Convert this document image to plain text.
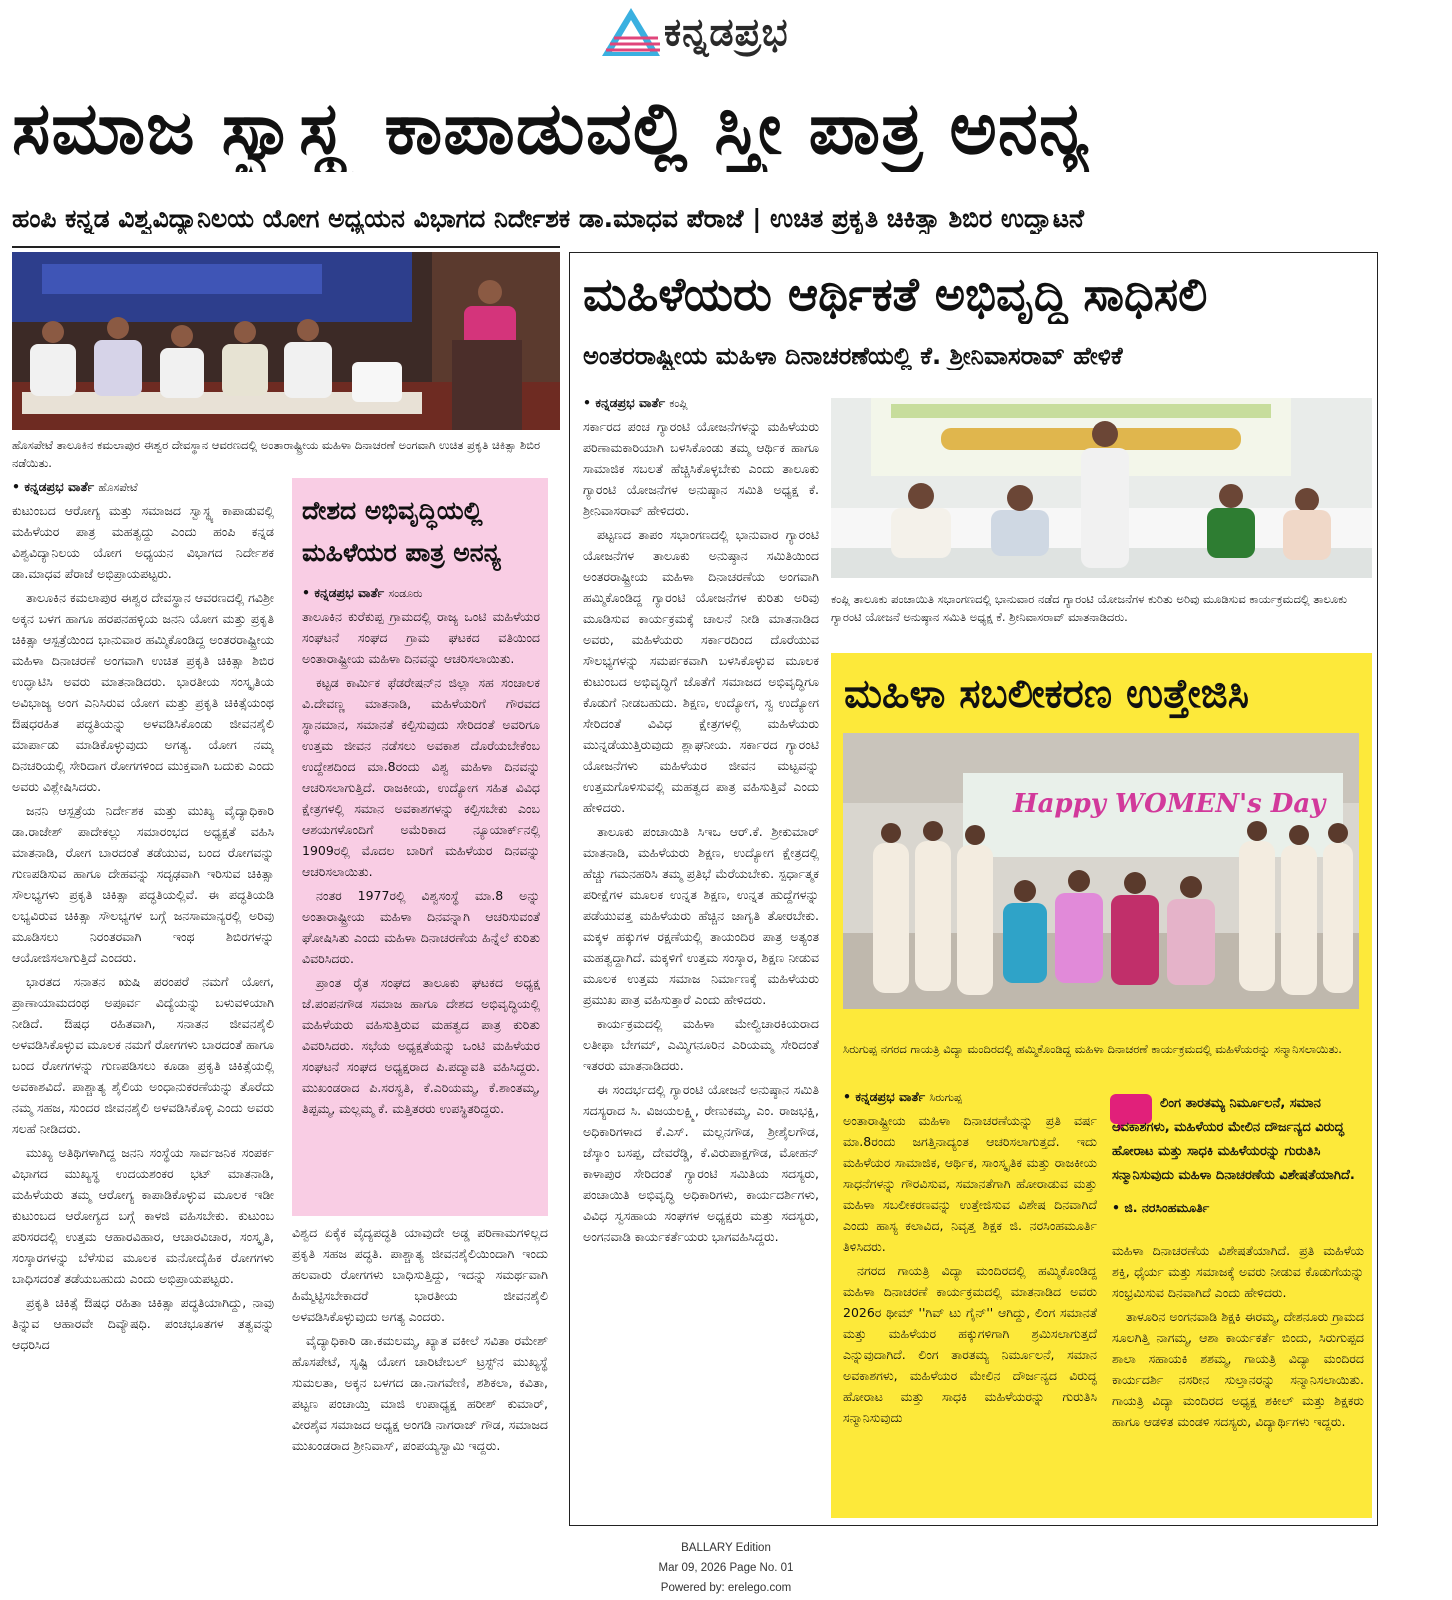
ಕನ್ನಡಪ್ರಭ
ಸಮಾಜ ಸ್ವಾಸ್ಥ್ಯ ಕಾಪಾಡುವಲ್ಲಿ ಸ್ತ್ರೀ ಪಾತ್ರ ಅನನ್ಯ
ಹಂಪಿ ಕನ್ನಡ ವಿಶ್ವವಿದ್ಯಾನಿಲಯ ಯೋಗ ಅಧ್ಯಯನ ವಿಭಾಗದ ನಿರ್ದೇಶಕ ಡಾ.ಮಾಧವ ಪೆರಾಜೆ | ಉಚಿತ ಪ್ರಕೃತಿ ಚಿಕಿತ್ಸಾ ಶಿಬಿರ ಉದ್ಘಾಟನೆ
ಹೊಸಪೇಟೆ ತಾಲೂಕಿನ ಕಮಲಾಪುರ ಈಶ್ವರ ದೇವಸ್ಥಾನ ಆವರಣದಲ್ಲಿ ಅಂತಾರಾಷ್ಟ್ರೀಯ ಮಹಿಳಾ ದಿನಾಚರಣೆ ಅಂಗವಾಗಿ ಉಚಿತ ಪ್ರಕೃತಿ ಚಿಕಿತ್ಸಾ ಶಿಬಿರ ನಡೆಯಿತು.
• ಕನ್ನಡಪ್ರಭ ವಾರ್ತೆ ಹೊಸಪೇಟೆ

ಕುಟುಂಬದ ಆರೋಗ್ಯ ಮತ್ತು ಸಮಾಜದ ಸ್ವಾಸ್ಥ್ಯ ಕಾಪಾಡುವಲ್ಲಿ ಮಹಿಳೆಯರ ಪಾತ್ರ ಮಹತ್ವದ್ದು ಎಂದು ಹಂಪಿ ಕನ್ನಡ ವಿಶ್ವವಿದ್ಯಾನಿಲಯ ಯೋಗ ಅಧ್ಯಯನ ವಿಭಾಗದ ನಿರ್ದೇಶಕ ಡಾ.ಮಾಧವ ಪೆರಾಜೆ ಅಭಿಪ್ರಾಯಪಟ್ಟರು.

ತಾಲೂಕಿನ ಕಮಲಾಪುರ ಈಶ್ವರ ದೇವಸ್ಥಾನ ಆವರಣದಲ್ಲಿ ಗವಿಶ್ರೀ ಅಕ್ಕನ ಬಳಗ ಹಾಗೂ ಹರಪನಹಳ್ಳಿಯ ಜನನಿ ಯೋಗ ಮತ್ತು ಪ್ರಕೃತಿ ಚಿಕಿತ್ಸಾ ಆಸ್ಪತ್ರೆಯಿಂದ ಭಾನುವಾರ ಹಮ್ಮಿಕೊಂಡಿದ್ದ ಅಂತರರಾಷ್ಟ್ರೀಯ ಮಹಿಳಾ ದಿನಾಚರಣೆ ಅಂಗವಾಗಿ ಉಚಿತ ಪ್ರಕೃತಿ ಚಿಕಿತ್ಸಾ ಶಿಬಿರ ಉದ್ಘಾಟಿಸಿ ಅವರು ಮಾತನಾಡಿದರು. ಭಾರತೀಯ ಸಂಸ್ಕೃತಿಯ ಅವಿಭಾಜ್ಯ ಅಂಗ ಎನಿಸಿರುವ ಯೋಗ ಮತ್ತು ಪ್ರಕೃತಿ ಚಿಕಿತ್ಸೆಯಂಥ ಔಷಧರಹಿತ ಪದ್ಧತಿಯನ್ನು ಅಳವಡಿಸಿಕೊಂಡು ಜೀವನಶೈಲಿ ಮಾರ್ಪಾಡು ಮಾಡಿಕೊಳ್ಳುವುದು ಅಗತ್ಯ. ಯೋಗ ನಮ್ಮ ದಿನಚರಿಯಲ್ಲಿ ಸೇರಿದಾಗ ರೋಗಗಳಿಂದ ಮುಕ್ತವಾಗಿ ಬದುಕು ಎಂದು ಅವರು ವಿಶ್ಲೇಷಿಸಿದರು.

ಜನನಿ ಆಸ್ಪತ್ರೆಯ ನಿರ್ದೇಶಕ ಮತ್ತು ಮುಖ್ಯ ವೈದ್ಯಾಧಿಕಾರಿ ಡಾ.ರಾಜೇಶ್ ಪಾದೇಕಲ್ಲು ಸಮಾರಂಭದ ಅಧ್ಯಕ್ಷತೆ ವಹಿಸಿ ಮಾತನಾಡಿ, ರೋಗ ಬಾರದಂತೆ ತಡೆಯುವ, ಬಂದ ರೋಗವನ್ನು ಗುಣಪಡಿಸುವ ಹಾಗೂ ದೇಹವನ್ನು ಸದೃಢವಾಗಿ ಇರಿಸುವ ಚಿಕಿತ್ಸಾ ಸೌಲಭ್ಯಗಳು ಪ್ರಕೃತಿ ಚಿಕಿತ್ಸಾ ಪದ್ಧತಿಯಲ್ಲಿವೆ. ಈ ಪದ್ಧತಿಯಡಿ ಲಭ್ಯವಿರುವ ಚಿಕಿತ್ಸಾ ಸೌಲಭ್ಯಗಳ ಬಗ್ಗೆ ಜನಸಾಮಾನ್ಯರಲ್ಲಿ ಅರಿವು ಮೂಡಿಸಲು ನಿರಂತರವಾಗಿ ಇಂಥ ಶಿಬಿರಗಳನ್ನು ಆಯೋಜಿಸಲಾಗುತ್ತಿದೆ ಎಂದರು.

ಭಾರತದ ಸನಾತನ ಋಷಿ ಪರಂಪರೆ ನಮಗೆ ಯೋಗ, ಪ್ರಾಣಾಯಾಮದಂಥ ಅಪೂರ್ವ ವಿದ್ಯೆಯನ್ನು ಬಳುವಳಿಯಾಗಿ ನೀಡಿದೆ. ಔಷಧ ರಹಿತವಾಗಿ, ಸನಾತನ ಜೀವನಶೈಲಿ ಅಳವಡಿಸಿಕೊಳ್ಳುವ ಮೂಲಕ ನಮಗೆ ರೋಗಗಳು ಬಾರದಂತೆ ಹಾಗೂ ಬಂದ ರೋಗಗಳನ್ನು ಗುಣಪಡಿಸಲು ಕೂಡಾ ಪ್ರಕೃತಿ ಚಿಕಿತ್ಸೆಯಲ್ಲಿ ಅವಕಾಶವಿದೆ. ಪಾಶ್ಚಾತ್ಯ ಶೈಲಿಯ ಅಂಧಾನುಕರಣೆಯನ್ನು ತೊರೆದು ನಮ್ಮ ಸಹಜ, ಸುಂದರ ಜೀವನಶೈಲಿ ಅಳವಡಿಸಿಕೊಳ್ಳಿ ಎಂದು ಅವರು ಸಲಹೆ ನೀಡಿದರು.

ಮುಖ್ಯ ಅತಿಥಿಗಳಾಗಿದ್ದ ಜನನಿ ಸಂಸ್ಥೆಯ ಸಾರ್ವಜನಿಕ ಸಂಪರ್ಕ ವಿಭಾಗದ ಮುಖ್ಯಸ್ಥ ಉದಯಶಂಕರ ಭಟ್ ಮಾತನಾಡಿ, ಮಹಿಳೆಯರು ತಮ್ಮ ಆರೋಗ್ಯ ಕಾಪಾಡಿಕೊಳ್ಳುವ ಮೂಲಕ ಇಡೀ ಕುಟುಂಬದ ಆರೋಗ್ಯದ ಬಗ್ಗೆ ಕಾಳಜಿ ವಹಿಸಬೇಕು. ಕುಟುಂಬ ಪರಿಸರದಲ್ಲಿ ಉತ್ತಮ ಆಹಾರವಿಹಾರ, ಆಚಾರವಿಚಾರ, ಸಂಸ್ಕೃತಿ, ಸಂಸ್ಕಾರಗಳನ್ನು ಬೆಳೆಸುವ ಮೂಲಕ ಮನೋದೈಹಿಕ ರೋಗಗಳು ಬಾಧಿಸದಂತೆ ತಡೆಯಬಹುದು ಎಂದು ಅಭಿಪ್ರಾಯಪಟ್ಟರು.

ಪ್ರಕೃತಿ ಚಿಕಿತ್ಸೆ ಔಷಧ ರಹಿತಾ ಚಿಕಿತ್ಸಾ ಪದ್ಧತಿಯಾಗಿದ್ದು, ನಾವು ತಿನ್ನುವ ಆಹಾರವೇ ದಿವ್ಯೌಷಧಿ. ಪಂಚಭೂತಗಳ ತತ್ವವನ್ನು ಆಧರಿಸಿದ

ವಿಶ್ವದ ಏಕೈಕ ವೈದ್ಯಪದ್ಧತಿ ಯಾವುದೇ ಅಡ್ಡ ಪರಿಣಾಮಗಳಿಲ್ಲದ ಪ್ರಕೃತಿ ಸಹಜ ಪದ್ಧತಿ. ಪಾಶ್ಚಾತ್ಯ ಜೀವನಶೈಲಿಯಿಂದಾಗಿ ಇಂದು ಹಲವಾರು ರೋಗಗಳು ಬಾಧಿಸುತ್ತಿದ್ದು, ಇದನ್ನು ಸಮರ್ಥವಾಗಿ ಹಿಮ್ಮೆಟ್ಟಿಸಬೇಕಾದರೆ ಭಾರತೀಯ ಜೀವನಶೈಲಿ ಅಳವಡಿಸಿಕೊಳ್ಳುವುದು ಅಗತ್ಯ ಎಂದರು.

ವೈದ್ಯಾಧಿಕಾರಿ ಡಾ.ಕಮಲಮ್ಮ, ಖ್ಯಾತ ವಕೀಲೆ ಸವಿತಾ ರಮೇಶ್ ಹೊಸಪೇಟೆ, ಸೃಷ್ಟಿ ಯೋಗ ಚಾರಿಟೇಬಲ್ ಟ್ರಸ್ಟ್‌ನ ಮುಖ್ಯಸ್ಥೆ ಸುಮಲತಾ, ಅಕ್ಕನ ಬಳಗದ ಡಾ.ನಾಗವೇಣಿ, ಶಶಿಕಲಾ, ಕವಿತಾ, ಪಟ್ಟಣ ಪಂಚಾಯ್ತಿ ಮಾಜಿ ಉಪಾಧ್ಯಕ್ಷ ಹರೀಶ್ ಕುಮಾರ್, ವೀರಶೈವ ಸಮಾಜದ ಅಧ್ಯಕ್ಷ ಅಂಗಡಿ ನಾಗರಾಜ್ ಗೌಡ, ಸಮಾಜದ ಮುಖಂಡರಾದ ಶ್ರೀನಿವಾಸ್, ಪಂಪಯ್ಯಸ್ವಾಮಿ ಇದ್ದರು.

ದೇಶದ ಅಭಿವೃದ್ಧಿಯಲ್ಲಿ ಮಹಿಳೆಯರ ಪಾತ್ರ ಅನನ್ಯ
• ಕನ್ನಡಪ್ರಭ ವಾರ್ತೆ ಸಂಡೂರು

ತಾಲೂಕಿನ ಕುರೆಕುಪ್ಪ ಗ್ರಾಮದಲ್ಲಿ ರಾಜ್ಯ ಒಂಟಿ ಮಹಿಳೆಯರ ಸಂಘಟನೆ ಸಂಘದ ಗ್ರಾಮ ಘಟಕದ ವತಿಯಿಂದ ಅಂತಾರಾಷ್ಟ್ರೀಯ ಮಹಿಳಾ ದಿನವನ್ನು ಆಚರಿಸಲಾಯಿತು.

ಕಟ್ಟಡ ಕಾರ್ಮಿಕ ಫೆಡರೇಷನ್‌ನ ಜಿಲ್ಲಾ ಸಹ ಸಂಚಾಲಕ ವಿ.ದೇವಣ್ಣ ಮಾತನಾಡಿ, ಮಹಿಳೆಯರಿಗೆ ಗೌರವದ ಸ್ಥಾನಮಾನ, ಸಮಾನತೆ ಕಲ್ಪಿಸುವುದು ಸೇರಿದಂತೆ ಅವರಿಗೂ ಉತ್ತಮ ಜೀವನ ನಡೆಸಲು ಅವಕಾಶ ದೊರೆಯಬೇಕೆಂಬ ಉದ್ದೇಶದಿಂದ ಮಾ.8ರಂದು ವಿಶ್ವ ಮಹಿಳಾ ದಿನವನ್ನು ಆಚರಿಸಲಾಗುತ್ತಿದೆ. ರಾಜಕೀಯ, ಉದ್ಯೋಗ ಸಹಿತ ವಿವಿಧ ಕ್ಷೇತ್ರಗಳಲ್ಲಿ ಸಮಾನ ಅವಕಾಶಗಳನ್ನು ಕಲ್ಪಿಸಬೇಕು ಎಂಬ ಆಶಯಗಳೊಂದಿಗೆ ಅಮೆರಿಕಾದ ನ್ಯೂಯಾರ್ಕ್‌ನಲ್ಲಿ 1909ರಲ್ಲಿ ಮೊದಲ ಬಾರಿಗೆ ಮಹಿಳೆಯರ ದಿನವನ್ನು ಆಚರಿಸಲಾಯಿತು.

ನಂತರ 1977ರಲ್ಲಿ ವಿಶ್ವಸಂಸ್ಥೆ ಮಾ.8 ಅನ್ನು ಅಂತಾರಾಷ್ಟ್ರೀಯ ಮಹಿಳಾ ದಿನವನ್ನಾಗಿ ಆಚರಿಸುವಂತೆ ಘೋಷಿಸಿತು ಎಂದು ಮಹಿಳಾ ದಿನಾಚರಣೆಯ ಹಿನ್ನೆಲೆ ಕುರಿತು ವಿವರಿಸಿದರು.

ಪ್ರಾಂತ ರೈತ ಸಂಘದ ತಾಲೂಕು ಘಟಕದ ಅಧ್ಯಕ್ಷ ಜೆ.ಪಂಪನಗೌಡ ಸಮಾಜ ಹಾಗೂ ದೇಶದ ಅಭಿವೃದ್ಧಿಯಲ್ಲಿ ಮಹಿಳೆಯರು ವಹಿಸುತ್ತಿರುವ ಮಹತ್ವದ ಪಾತ್ರ ಕುರಿತು ವಿವರಿಸಿದರು. ಸಭೆಯ ಅಧ್ಯಕ್ಷತೆಯನ್ನು ಒಂಟಿ ಮಹಿಳೆಯರ ಸಂಘಟನೆ ಸಂಘದ ಅಧ್ಯಕ್ಷರಾದ ಪಿ.ಪದ್ಮಾವತಿ ವಹಿಸಿದ್ದರು. ಮುಖಂಡರಾದ ಪಿ.ಸರಸ್ವತಿ, ಕೆ.ಎರಿಯಮ್ಮ, ಕೆ.ಶಾಂತಮ್ಮ, ತಿಪ್ಪಮ್ಮ, ಮಲ್ಲಮ್ಮ ಕೆ. ಮತ್ತಿತರರು ಉಪಸ್ಥಿತರಿದ್ದರು.

ಮಹಿಳೆಯರು ಆರ್ಥಿಕತೆ ಅಭಿವೃದ್ಧಿ ಸಾಧಿಸಲಿ
ಅಂತರರಾಷ್ಟ್ರೀಯ ಮಹಿಳಾ ದಿನಾಚರಣೆಯಲ್ಲಿ ಕೆ. ಶ್ರೀನಿವಾಸರಾವ್ ಹೇಳಿಕೆ
• ಕನ್ನಡಪ್ರಭ ವಾರ್ತೆ ಕಂಪ್ಲಿ

ಸರ್ಕಾರದ ಪಂಚ ಗ್ಯಾರಂಟಿ ಯೋಜನೆಗಳನ್ನು ಮಹಿಳೆಯರು ಪರಿಣಾಮಕಾರಿಯಾಗಿ ಬಳಸಿಕೊಂಡು ತಮ್ಮ ಆರ್ಥಿಕ ಹಾಗೂ ಸಾಮಾಜಿಕ ಸಬಲತೆ ಹೆಚ್ಚಿಸಿಕೊಳ್ಳಬೇಕು ಎಂದು ತಾಲೂಕು ಗ್ಯಾರಂಟಿ ಯೋಜನೆಗಳ ಅನುಷ್ಠಾನ ಸಮಿತಿ ಅಧ್ಯಕ್ಷ ಕೆ. ಶ್ರೀನಿವಾಸರಾವ್ ಹೇಳಿದರು.

ಪಟ್ಟಣದ ತಾಪಂ ಸಭಾಂಗಣದಲ್ಲಿ ಭಾನುವಾರ ಗ್ಯಾರಂಟಿ ಯೋಜನೆಗಳ ತಾಲೂಕು ಅನುಷ್ಠಾನ ಸಮಿತಿಯಿಂದ ಅಂತರರಾಷ್ಟ್ರೀಯ ಮಹಿಳಾ ದಿನಾಚರಣೆಯ ಅಂಗವಾಗಿ ಹಮ್ಮಿಕೊಂಡಿದ್ದ ಗ್ಯಾರಂಟಿ ಯೋಜನೆಗಳ ಕುರಿತು ಅರಿವು ಮೂಡಿಸುವ ಕಾರ್ಯಕ್ರಮಕ್ಕೆ ಚಾಲನೆ ನೀಡಿ ಮಾತನಾಡಿದ ಅವರು, ಮಹಿಳೆಯರು ಸರ್ಕಾರದಿಂದ ದೊರೆಯುವ ಸೌಲಭ್ಯಗಳನ್ನು ಸಮರ್ಪಕವಾಗಿ ಬಳಸಿಕೊಳ್ಳುವ ಮೂಲಕ ಕುಟುಂಬದ ಅಭಿವೃದ್ಧಿಗೆ ಜೊತೆಗೆ ಸಮಾಜದ ಅಭಿವೃದ್ಧಿಗೂ ಕೊಡುಗೆ ನೀಡಬಹುದು. ಶಿಕ್ಷಣ, ಉದ್ಯೋಗ, ಸ್ವ ಉದ್ಯೋಗ ಸೇರಿದಂತೆ ವಿವಿಧ ಕ್ಷೇತ್ರಗಳಲ್ಲಿ ಮಹಿಳೆಯರು ಮುನ್ನಡೆಯುತ್ತಿರುವುದು ಶ್ಲಾಘನೀಯ. ಸರ್ಕಾರದ ಗ್ಯಾರಂಟಿ ಯೋಜನೆಗಳು ಮಹಿಳೆಯರ ಜೀವನ ಮಟ್ಟವನ್ನು ಉತ್ತಮಗೊಳಿಸುವಲ್ಲಿ ಮಹತ್ವದ ಪಾತ್ರ ವಹಿಸುತ್ತಿವೆ ಎಂದು ಹೇಳಿದರು.

ತಾಲೂಕು ಪಂಚಾಯಿತಿ ಸಿಇಒ ಆರ್.ಕೆ. ಶ್ರೀಕುಮಾರ್ ಮಾತನಾಡಿ, ಮಹಿಳೆಯರು ಶಿಕ್ಷಣ, ಉದ್ಯೋಗ ಕ್ಷೇತ್ರದಲ್ಲಿ ಹೆಚ್ಚು ಗಮನಹರಿಸಿ ತಮ್ಮ ಪ್ರತಿಭೆ ಮೆರೆಯಬೇಕು. ಸ್ಪರ್ಧಾತ್ಮಕ ಪರೀಕ್ಷೆಗಳ ಮೂಲಕ ಉನ್ನತ ಶಿಕ್ಷಣ, ಉನ್ನತ ಹುದ್ದೆಗಳನ್ನು ಪಡೆಯುವತ್ತ ಮಹಿಳೆಯರು ಹೆಚ್ಚಿನ ಜಾಗೃತಿ ತೋರಬೇಕು. ಮಕ್ಕಳ ಹಕ್ಕುಗಳ ರಕ್ಷಣೆಯಲ್ಲಿ ತಾಯಂದಿರ ಪಾತ್ರ ಅತ್ಯಂತ ಮಹತ್ವದ್ದಾಗಿದೆ. ಮಕ್ಕಳಿಗೆ ಉತ್ತಮ ಸಂಸ್ಕಾರ, ಶಿಕ್ಷಣ ನೀಡುವ ಮೂಲಕ ಉತ್ತಮ ಸಮಾಜ ನಿರ್ಮಾಣಕ್ಕೆ ಮಹಿಳೆಯರು ಪ್ರಮುಖ ಪಾತ್ರ ವಹಿಸುತ್ತಾರೆ ಎಂದು ಹೇಳಿದರು.

ಕಾರ್ಯಕ್ರಮದಲ್ಲಿ ಮಹಿಳಾ ಮೇಲ್ವಿಚಾರಕಿಯರಾದ ಲತೀಫಾ ಬೇಗಮ್, ಎಮ್ಮಿಗನೂರಿನ ಎರಿಯಮ್ಮ ಸೇರಿದಂತೆ ಇತರರು ಮಾತನಾಡಿದರು.

ಈ ಸಂದರ್ಭದಲ್ಲಿ ಗ್ಯಾರಂಟಿ ಯೋಜನೆ ಅನುಷ್ಠಾನ ಸಮಿತಿ ಸದಸ್ಯರಾದ ಸಿ. ವಿಜಯಲಕ್ಷ್ಮಿ, ರೇಣುಕಮ್ಮ, ಎಂ. ರಾಜಭಕ್ಷಿ, ಅಧಿಕಾರಿಗಳಾದ ಕೆ.ಎಸ್. ಮಲ್ಲನಗೌಡ, ಶ್ರೀಶೈಲಗೌಡ, ಜೆಸ್ಕಾಂ ಬಸಪ್ಪ, ದೇವರೆಡ್ಡಿ, ಕೆ.ವಿರುಪಾಕ್ಷಗೌಡ, ಮೋಹನ್ ಕಾಳಾಪುರ ಸೇರಿದಂತೆ ಗ್ಯಾರಂಟಿ ಸಮಿತಿಯ ಸದಸ್ಯರು, ಪಂಚಾಯಿತಿ ಅಭಿವೃದ್ಧಿ ಅಧಿಕಾರಿಗಳು, ಕಾರ್ಯದರ್ಶಿಗಳು, ವಿವಿಧ ಸ್ವಸಹಾಯ ಸಂಘಗಳ ಅಧ್ಯಕ್ಷರು ಮತ್ತು ಸದಸ್ಯರು, ಅಂಗನವಾಡಿ ಕಾರ್ಯಕರ್ತೆಯರು ಭಾಗವಹಿಸಿದ್ದರು.

ಕಂಪ್ಲಿ ತಾಲೂಕು ಪಂಚಾಯಿತಿ ಸಭಾಂಗಣದಲ್ಲಿ ಭಾನುವಾರ ನಡೆದ ಗ್ಯಾರಂಟಿ ಯೋಜನೆಗಳ ಕುರಿತು ಅರಿವು ಮೂಡಿಸುವ ಕಾರ್ಯಕ್ರಮದಲ್ಲಿ ತಾಲೂಕು ಗ್ಯಾರಂಟಿ ಯೋಜನೆ ಅನುಷ್ಠಾನ ಸಮಿತಿ ಅಧ್ಯಕ್ಷ ಕೆ. ಶ್ರೀನಿವಾಸರಾವ್ ಮಾತನಾಡಿದರು.
ಮಹಿಳಾ ಸಬಲೀಕರಣ ಉತ್ತೇಜಿಸಿ
Happy WOMEN's Day
ಸಿರುಗುಪ್ಪ ನಗರದ ಗಾಯತ್ರಿ ವಿದ್ಯಾ ಮಂದಿರದಲ್ಲಿ ಹಮ್ಮಿಕೊಂಡಿದ್ದ ಮಹಿಳಾ ದಿನಾಚರಣೆ ಕಾರ್ಯಕ್ರಮದಲ್ಲಿ ಮಹಿಳೆಯರನ್ನು ಸನ್ಮಾನಿಸಲಾಯಿತು.
• ಕನ್ನಡಪ್ರಭ ವಾರ್ತೆ ಸಿರುಗುಪ್ಪ

ಅಂತಾರಾಷ್ಟ್ರೀಯ ಮಹಿಳಾ ದಿನಾಚರಣೆಯನ್ನು ಪ್ರತಿ ವರ್ಷ ಮಾ.8ರಂದು ಜಗತ್ತಿನಾದ್ಯಂತ ಆಚರಿಸಲಾಗುತ್ತದೆ. ಇದು ಮಹಿಳೆಯರ ಸಾಮಾಜಿಕ, ಆರ್ಥಿಕ, ಸಾಂಸ್ಕೃತಿಕ ಮತ್ತು ರಾಜಕೀಯ ಸಾಧನೆಗಳನ್ನು ಗೌರವಿಸುವ, ಸಮಾನತೆಗಾಗಿ ಹೋರಾಡುವ ಮತ್ತು ಮಹಿಳಾ ಸಬಲೀಕರಣವನ್ನು ಉತ್ತೇಜಿಸುವ ವಿಶೇಷ ದಿನವಾಗಿದೆ ಎಂದು ಹಾಸ್ಯ ಕಲಾವಿದ, ನಿವೃತ್ತ ಶಿಕ್ಷಕ ಜಿ. ನರಸಿಂಹಮೂರ್ತಿ ತಿಳಿಸಿದರು.

ನಗರದ ಗಾಯತ್ರಿ ವಿದ್ಯಾ ಮಂದಿರದಲ್ಲಿ ಹಮ್ಮಿಕೊಂಡಿದ್ದ ಮಹಿಳಾ ದಿನಾಚರಣೆ ಕಾರ್ಯಕ್ರಮದಲ್ಲಿ ಮಾತನಾಡಿದ ಅವರು 2026ರ ಥೀಮ್ ''ಗಿವ್ ಟು ಗೈನ್'' ಆಗಿದ್ದು, ಲಿಂಗ ಸಮಾನತೆ ಮತ್ತು ಮಹಿಳೆಯರ ಹಕ್ಕುಗಳಿಗಾಗಿ ಶ್ರಮಿಸಲಾಗುತ್ತದೆ ಎನ್ನುವುದಾಗಿದೆ. ಲಿಂಗ ತಾರತಮ್ಯ ನಿರ್ಮೂಲನೆ, ಸಮಾನ ಅವಕಾಶಗಳು, ಮಹಿಳೆಯರ ಮೇಲಿನ ದೌರ್ಜನ್ಯದ ವಿರುದ್ಧ ಹೋರಾಟ ಮತ್ತು ಸಾಧಕಿ ಮಹಿಳೆಯರನ್ನು ಗುರುತಿಸಿ ಸನ್ಮಾನಿಸುವುದು

ಲಿಂಗ ತಾರತಮ್ಯ ನಿರ್ಮೂಲನೆ, ಸಮಾನ ಅವಕಾಶಗಳು, ಮಹಿಳೆಯರ ಮೇಲಿನ ದೌರ್ಜನ್ಯದ ವಿರುದ್ಧ ಹೋರಾಟ ಮತ್ತು ಸಾಧಕಿ ಮಹಿಳೆಯರನ್ನು ಗುರುತಿಸಿ ಸನ್ಮಾನಿಸುವುದು ಮಹಿಳಾ ದಿನಾಚರಣೆಯ ವಿಶೇಷತೆಯಾಗಿದೆ.
• ಜಿ. ನರಸಿಂಹಮೂರ್ತಿ

ಮಹಿಳಾ ದಿನಾಚರಣೆಯ ವಿಶೇಷತೆಯಾಗಿದೆ. ಪ್ರತಿ ಮಹಿಳೆಯ ಶಕ್ತಿ, ಧೈರ್ಯ ಮತ್ತು ಸಮಾಜಕ್ಕೆ ಅವರು ನೀಡುವ ಕೊಡುಗೆಯನ್ನು ಸಂಭ್ರಮಿಸುವ ದಿನವಾಗಿದೆ ಎಂದು ಹೇಳಿದರು.

ತಾಳೂರಿನ ಅಂಗನವಾಡಿ ಶಿಕ್ಷಕಿ ಈರಮ್ಮ, ದೇಶನೂರು ಗ್ರಾಮದ ಸೂಲಗಿತ್ತಿ ನಾಗಮ್ಮ, ಆಶಾ ಕಾರ್ಯಕರ್ತೆ ಬಿಂದು, ಸಿರುಗುಪ್ಪದ ಶಾಲಾ ಸಹಾಯಕಿ ಶಶಮ್ಮ, ಗಾಯತ್ರಿ ವಿದ್ಯಾ ಮಂದಿರದ ಕಾರ್ಯದರ್ಶಿ ನಸರೀನ ಸುಲ್ತಾನರನ್ನು ಸನ್ಮಾನಿಸಲಾಯಿತು. ಗಾಯತ್ರಿ ವಿದ್ಯಾ ಮಂದಿರದ ಅಧ್ಯಕ್ಷ ಶಕೀಲ್ ಮತ್ತು ಶಿಕ್ಷಕರು ಹಾಗೂ ಆಡಳಿತ ಮಂಡಳಿ ಸದಸ್ಯರು, ವಿದ್ಯಾರ್ಥಿಗಳು ಇದ್ದರು.

BALLARY Edition
Mar 09, 2026 Page No. 01
Powered by: erelego.com
